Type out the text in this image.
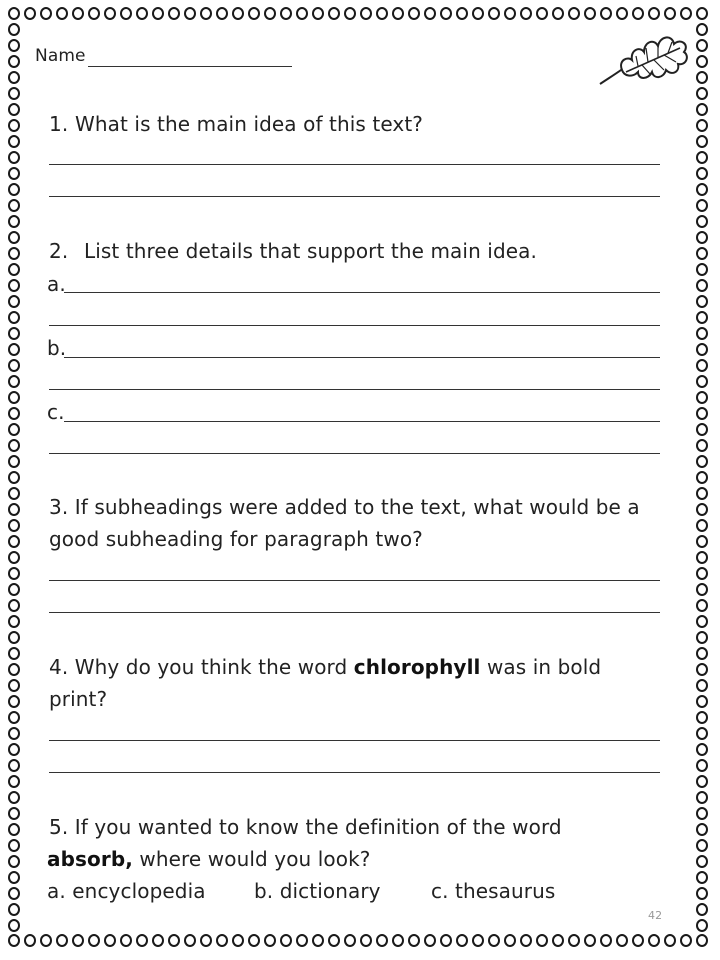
Name
1. What is the main idea of this text?
2. List three details that support the main idea.
a.
b.
c.
3. If subheadings were added to the text, what would be a
good subheading for paragraph two?
4. Why do you think the word chlorophyll was in bold
print?
5. If you wanted to know the definition of the word
absorb, where would you look?
a. encyclopedia b. dictionary	c. thesaurus
42
